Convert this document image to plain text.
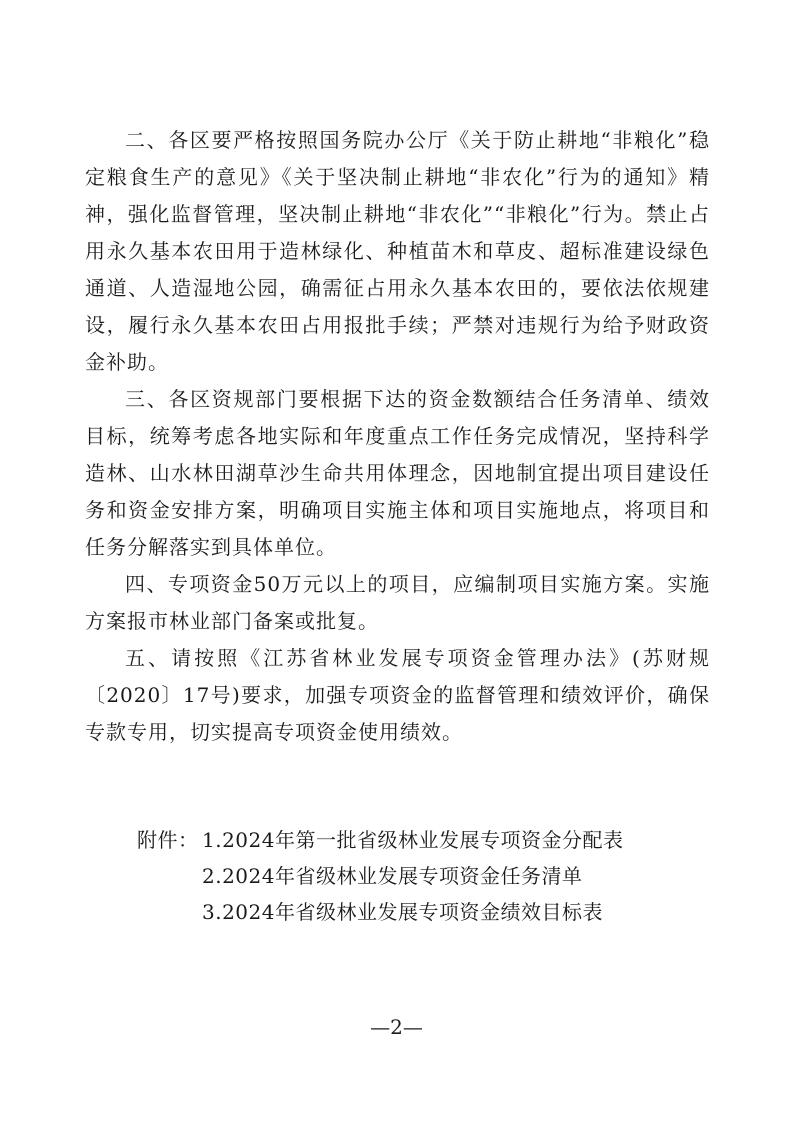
二、各区要严格按照国务院办公厅《关于防止耕地“非粮化”稳定粮食生产的意见》《关于坚决制止耕地“非农化”行为的通知》精神，强化监督管理，坚决制止耕地“非农化”“非粮化”行为。禁止占用永久基本农田用于造林绿化、种植苗木和草皮、超标准建设绿色通道、人造湿地公园，确需征占用永久基本农田的，要依法依规建设，履行永久基本农田占用报批手续；严禁对违规行为给予财政资金补助。

三、各区资规部门要根据下达的资金数额结合任务清单、绩效目标，统筹考虑各地实际和年度重点工作任务完成情况，坚持科学造林、山水林田湖草沙生命共用体理念，因地制宜提出项目建设任务和资金安排方案，明确项目实施主体和项目实施地点，将项目和任务分解落实到具体单位。

四、专项资金50万元以上的项目，应编制项目实施方案。实施方案报市林业部门备案或批复。

五、请按照《江苏省林业发展专项资金管理办法》(苏财规〔2020〕17号)要求，加强专项资金的监督管理和绩效评价，确保专款专用，切实提高专项资金使用绩效。

附件： 1.2024年第一批省级林业发展专项资金分配表
2.2024年省级林业发展专项资金任务清单
3.2024年省级林业发展专项资金绩效目标表
—2—
